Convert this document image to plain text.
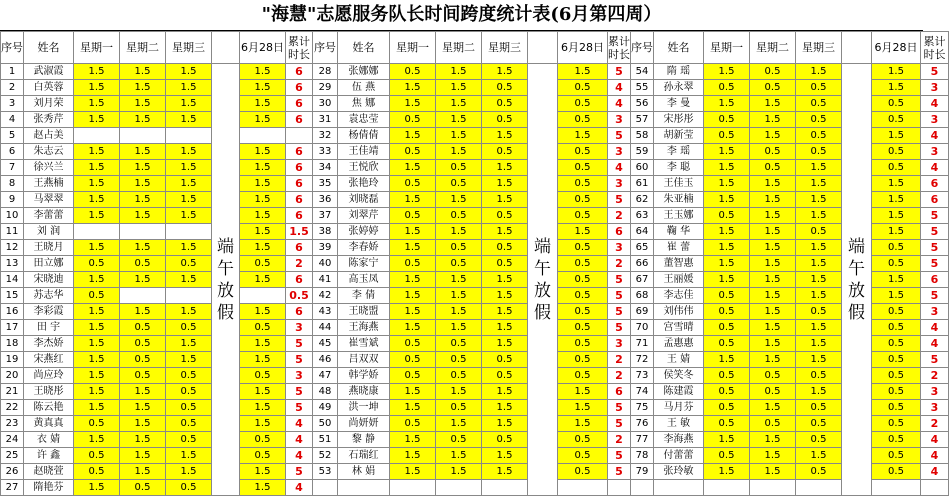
"海慧"志愿服务队长时间跨度统计表(6月第四周）
序号	姓名	星期一	星期二	星期三		6月28日	累计时长	序号	姓名	星期一	星期二	星期三		6月28日	累计时长	序号	姓名	星期一	星期二	星期三		6月28日	累计时长
1	武淑霞	1.5	1.5	1.5	端午放假	1.5	6	28	张娜娜	0.5	1.5	1.5	端午放假	1.5	5	54	隋 瑶	1.5	0.5	1.5	端午放假	1.5	5
2	白英蓉	1.5	1.5	1.5		1.5	6	29	伍 燕	1.5	1.5	0.5		0.5	4	55	孙永翠	0.5	0.5	0.5		1.5	3
3	刘月荣	1.5	1.5	1.5		1.5	6	30	焦 娜	1.5	1.5	0.5		0.5	4	56	李 曼	1.5	1.5	0.5		0.5	4
4	张秀芹	1.5	1.5	1.5		1.5	6	31	袁忠莹	0.5	1.5	0.5		0.5	3	57	宋彤彤	0.5	1.5	0.5		0.5	3
5	赵占美							32	杨倩倩	1.5	1.5	1.5		1.5	5	58	胡新莹	0.5	1.5	0.5		1.5	4
6	朱志云	1.5	1.5	1.5		1.5	6	33	王佳靖	0.5	1.5	0.5		0.5	3	59	李 瑶	1.5	0.5	0.5		0.5	3
7	徐兴兰	1.5	1.5	1.5		1.5	6	34	王悦欣	1.5	0.5	1.5		0.5	4	60	李 聪	1.5	0.5	1.5		0.5	4
8	王燕楠	1.5	1.5	1.5		1.5	6	35	张艳玲	0.5	0.5	1.5		0.5	3	61	王佳玉	1.5	1.5	1.5		1.5	6
9	马翠翠	1.5	1.5	1.5		1.5	6	36	刘晓磊	1.5	1.5	1.5		0.5	5	62	朱亚楠	1.5	1.5	1.5		1.5	6
10	李蕾蕾	1.5	1.5	1.5		1.5	6	37	刘翠芹	0.5	0.5	0.5		0.5	2	63	王玉娜	0.5	1.5	1.5		1.5	5
11	刘 润					1.5	1.5	38	张婷婷	1.5	1.5	1.5		1.5	6	64	鞠 华	1.5	1.5	0.5		1.5	5
12	王晓月	1.5	1.5	1.5		1.5	6	39	李春娇	1.5	0.5	0.5		0.5	3	65	崔 蕾	1.5	1.5	1.5		0.5	5
13	田立娜	0.5	0.5	0.5		0.5	2	40	陈家宁	0.5	0.5	0.5		0.5	2	66	董智惠	1.5	1.5	1.5		0.5	5
14	宋晓迪	1.5	1.5	1.5		1.5	6	41	高玉凤	1.5	1.5	1.5		0.5	5	67	王丽媛	1.5	1.5	1.5		1.5	6
15	苏志华	0.5					0.5	42	李 倩	1.5	1.5	1.5		0.5	5	68	李志佳	0.5	1.5	1.5		1.5	5
16	李彩霞	1.5	1.5	1.5		1.5	6	43	王晓盟	1.5	1.5	1.5		0.5	5	69	刘伟伟	0.5	1.5	0.5		0.5	3
17	田 宇	1.5	0.5	0.5		0.5	3	44	王海燕	1.5	1.5	1.5		0.5	5	70	宫雪晴	0.5	1.5	1.5		0.5	4
18	李杰娇	1.5	0.5	1.5		1.5	5	45	崔雪斌	0.5	0.5	1.5		0.5	3	71	孟惠惠	0.5	1.5	1.5		0.5	4
19	宋燕红	1.5	0.5	1.5		1.5	5	46	吕双双	0.5	0.5	0.5		0.5	2	72	王 婧	1.5	1.5	1.5		0.5	5
20	尚应玲	1.5	0.5	0.5		0.5	3	47	韩学娇	0.5	0.5	0.5		0.5	2	73	侯笑冬	0.5	0.5	0.5		0.5	2
21	王晓彤	1.5	1.5	0.5		1.5	5	48	燕晓康	1.5	1.5	1.5		1.5	6	74	陈建霞	0.5	0.5	1.5		0.5	3
22	陈云艳	1.5	1.5	0.5		1.5	5	49	洪一坤	1.5	0.5	1.5		1.5	5	75	马月芬	0.5	1.5	0.5		0.5	3
23	黄真真	0.5	1.5	0.5		1.5	4	50	尚妍妍	0.5	1.5	1.5		1.5	5	76	王 敏	0.5	0.5	0.5		0.5	2
24	衣 婧	1.5	1.5	0.5		0.5	4	51	黎 静	1.5	0.5	0.5		0.5	2	77	李海燕	1.5	1.5	0.5		0.5	4
25	许 鑫	0.5	1.5	1.5		0.5	4	52	石瑞红	1.5	1.5	1.5		0.5	5	78	付蕾蕾	0.5	1.5	1.5		0.5	4
26	赵晓萱	0.5	1.5	1.5		1.5	5	53	林 娟	1.5	1.5	1.5		0.5	5	79	张玲敏	1.5	1.5	0.5		0.5	4
27	隋艳芬	1.5	0.5	0.5		1.5	4																
